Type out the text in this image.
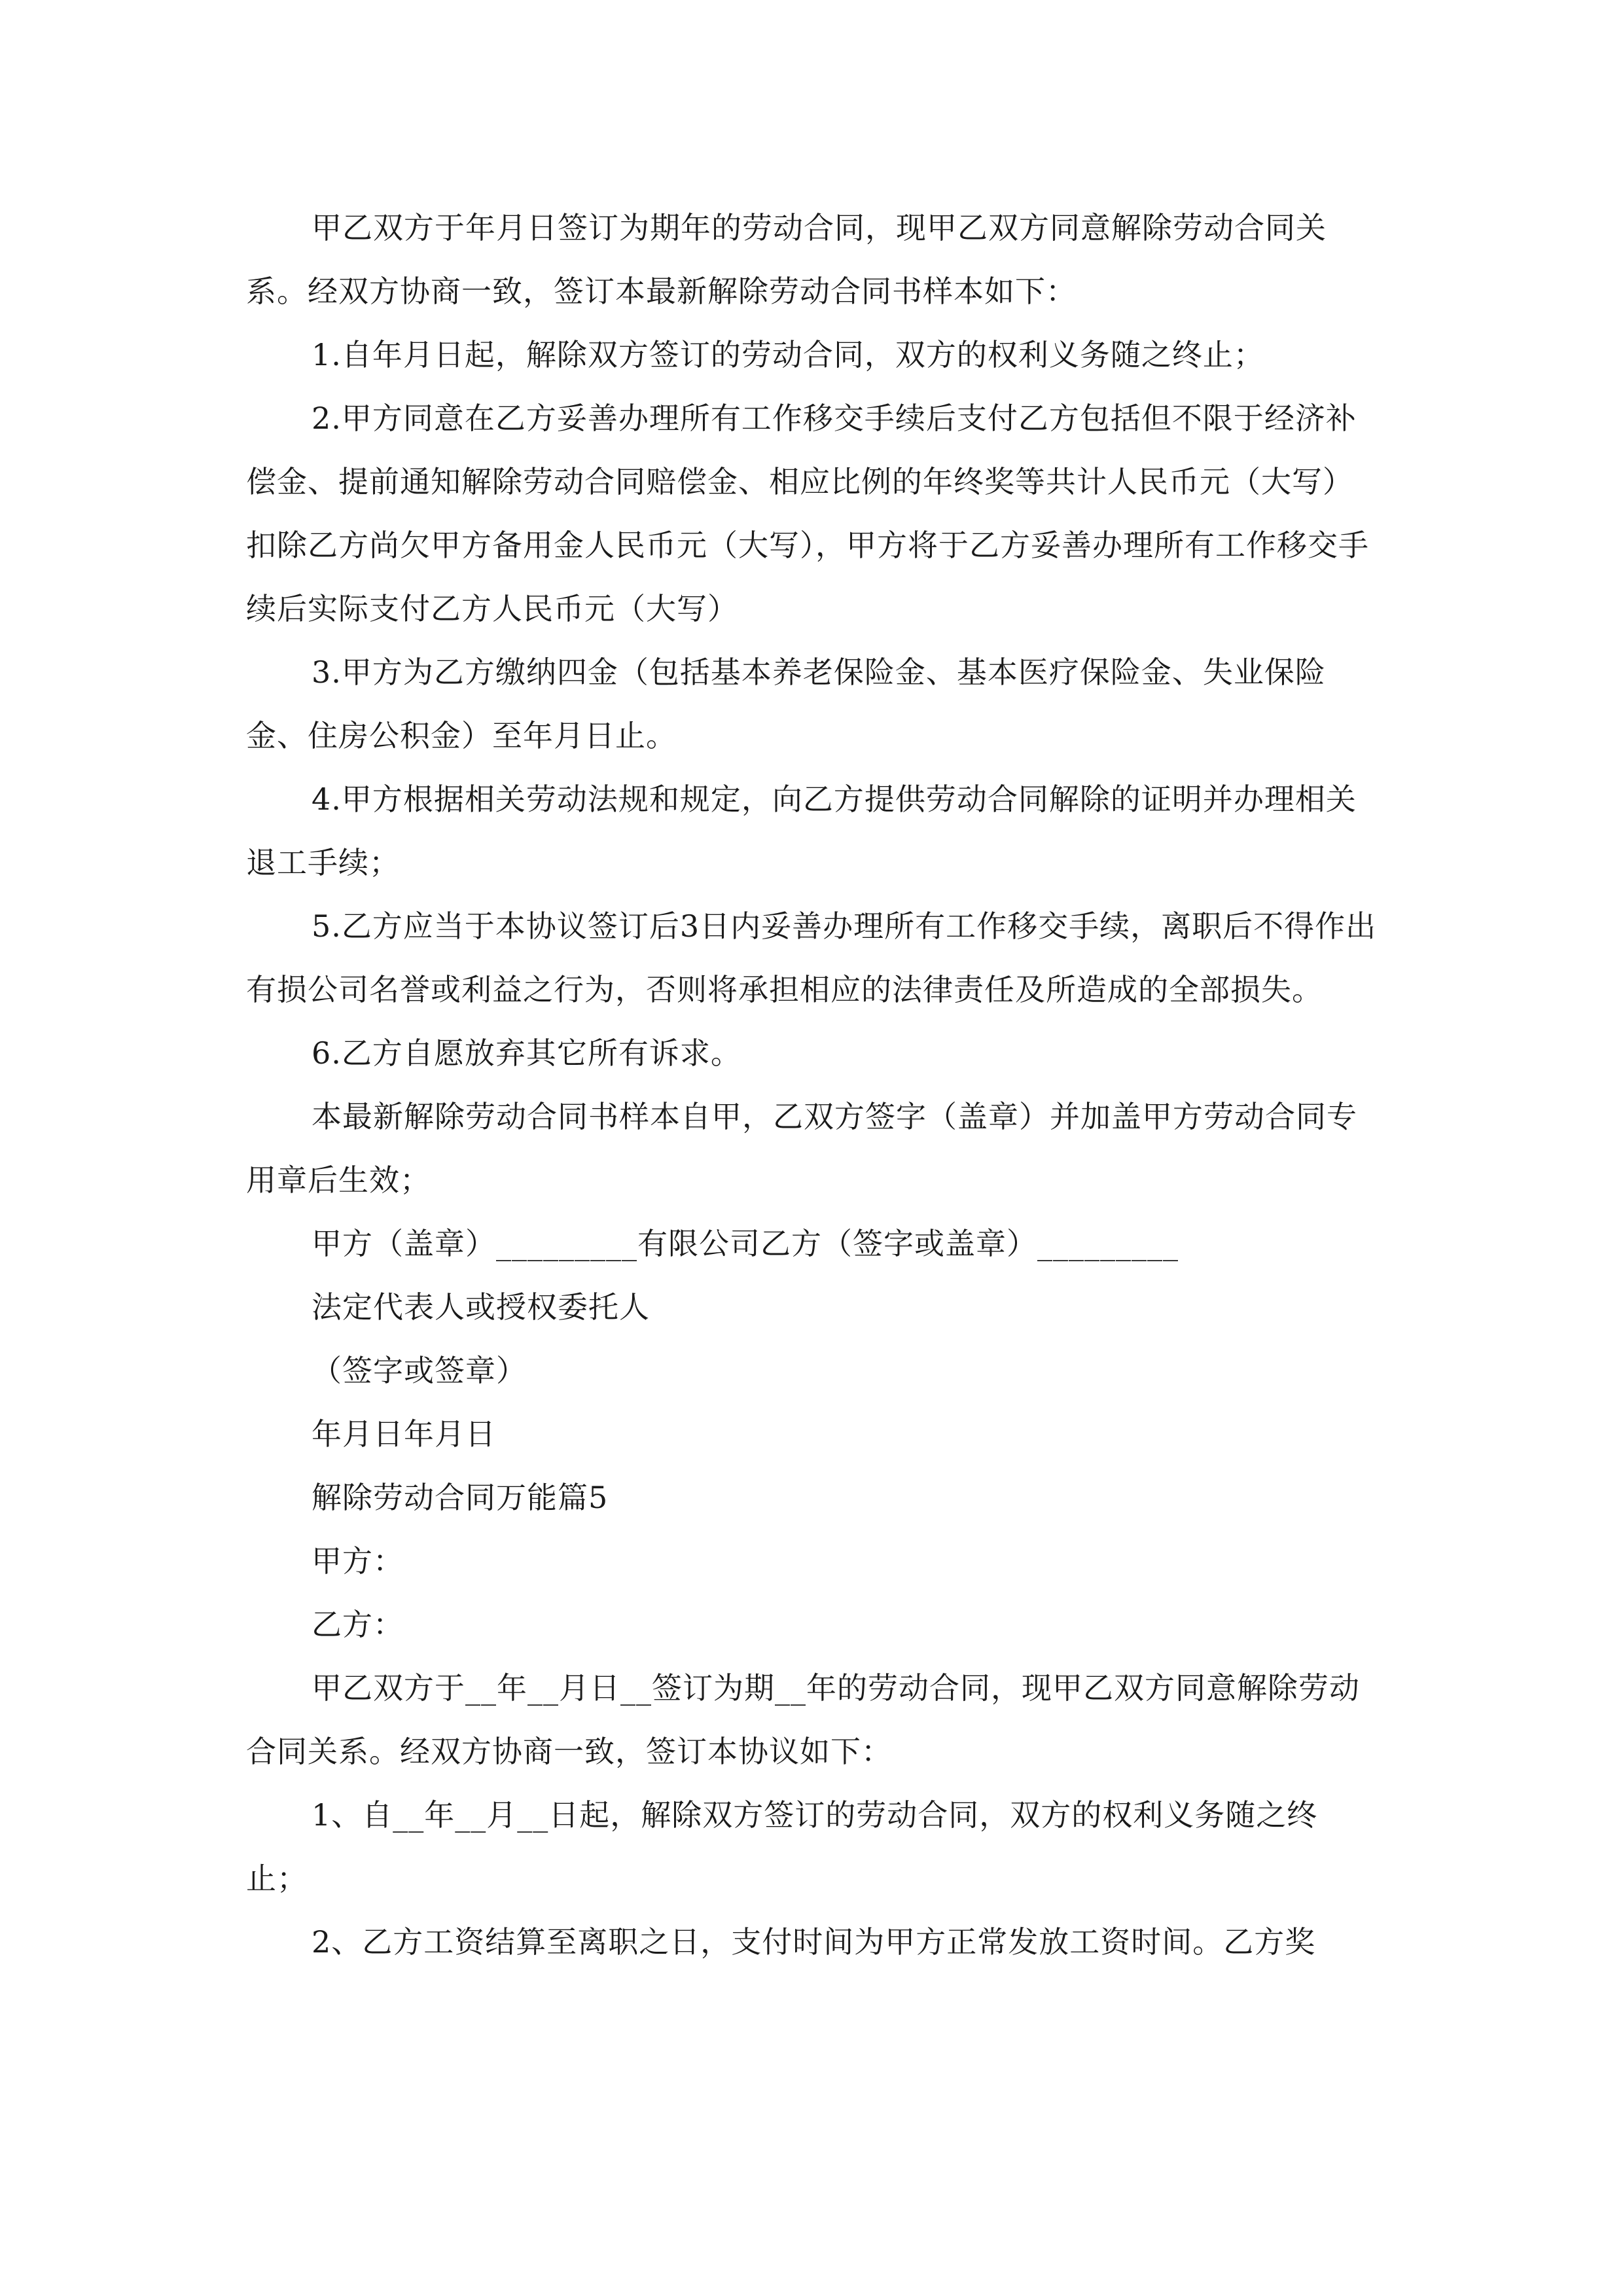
甲乙双方于年月日签订为期年的劳动合同，现甲乙双方同意解除劳动合同关系。经双方协商一致，签订本最新解除劳动合同书样本如下：

1.自年月日起，解除双方签订的劳动合同，双方的权利义务随之终止；

2.甲方同意在乙方妥善办理所有工作移交手续后支付乙方包括但不限于经济补偿金、提前通知解除劳动合同赔偿金、相应比例的年终奖等共计人民币元（大写）扣除乙方尚欠甲方备用金人民币元（大写），甲方将于乙方妥善办理所有工作移交手续后实际支付乙方人民币元（大写）

3.甲方为乙方缴纳四金（包括基本养老保险金、基本医疗保险金、失业保险金、住房公积金）至年月日止。

4.甲方根据相关劳动法规和规定，向乙方提供劳动合同解除的证明并办理相关退工手续；

5.乙方应当于本协议签订后3日内妥善办理所有工作移交手续，离职后不得作出有损公司名誉或利益之行为，否则将承担相应的法律责任及所造成的全部损失。

6.乙方自愿放弃其它所有诉求。

本最新解除劳动合同书样本自甲，乙双方签字（盖章）并加盖甲方劳动合同专用章后生效；

甲方（盖章）_________有限公司乙方（签字或盖章）_________

法定代表人或授权委托人

（签字或签章）

年月日年月日

解除劳动合同万能篇5

甲方：

乙方：

甲乙双方于__年__月日__签订为期__年的劳动合同，现甲乙双方同意解除劳动合同关系。经双方协商一致，签订本协议如下：

1、自__年__月__日起，解除双方签订的劳动合同，双方的权利义务随之终止；

2、乙方工资结算至离职之日，支付时间为甲方正常发放工资时间。乙方奖
